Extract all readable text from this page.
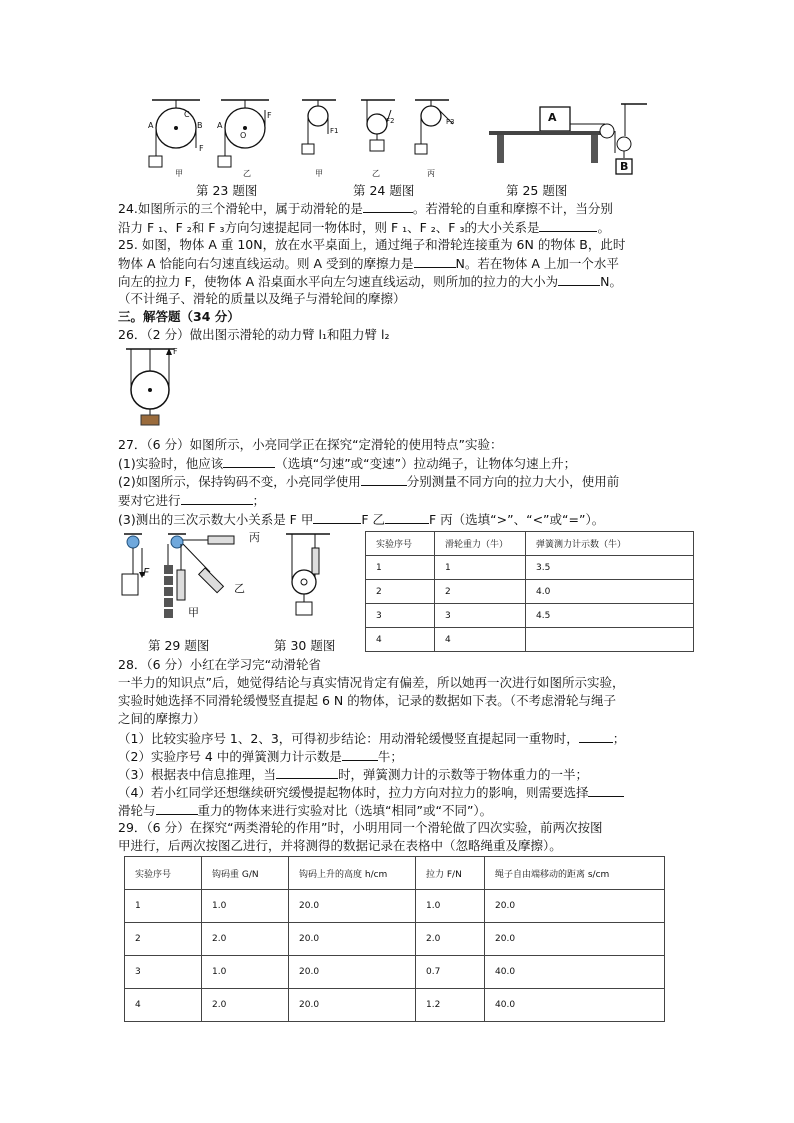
A	B
C
F
甲
A
O
F
乙
F1
甲
F2
乙
F3
丙
A
B
第 23 题图	第 24 题图	第 25 题图
24.如图所示的三个滑轮中，属于动滑轮的是	。若滑轮的自重和摩擦不计，当分别
沿力 F ₁、F ₂和 F ₃方向匀速提起同一物体时，则 F ₁、F ₂、F ₃的大小关系是	。
25. 如图，物体 A 重 10N，放在水平桌面上，通过绳子和滑轮连接重为 6N 的物体 B，此时
物体 A 恰能向右匀速直线运动。则 A 受到的摩擦力是	N。若在物体 A 上加一个水平
向左的拉力 F，使物体 A 沿桌面水平向左匀速直线运动，则所加的拉力的大小为	N。
（不计绳子、滑轮的质量以及绳子与滑轮间的摩擦）
三。解答题（34 分）
26．（2 分）做出图示滑轮的动力臂 l₁和阻力臂 l₂
F
27．（6 分）如图所示，小亮同学正在探究“定滑轮的使用特点”实验：
(1)实验时，他应该	（选填“匀速”或“变速”）拉动绳子，让物体匀速上升；
(2)如图所示，保持钩码不变，小亮同学使用	分别测量不同方向的拉力大小，使用前
要对它进行	；
(3)测出的三次示数大小关系是 F 甲	F 乙	F 丙（选填“>”、“<”或“=”）。
F
甲
乙
丙
第 29 题图	第 30 题图
实验序号	滑轮重力（牛）	弹簧测力计示数（牛）
1	1	3.5
2	2	4.0
3	3	4.5
4	4	
28．（6 分）小红在学习完“动滑轮省
一半力的知识点”后，她觉得结论与真实情况肯定有偏差，所以她再一次进行如图所示实验，
实验时她选择不同滑轮缓慢竖直提起 6 N 的物体，记录的数据如下表。（不考虑滑轮与绳子
之间的摩擦力）
（1）比较实验序号 1、2、3，可得初步结论：用动滑轮缓慢竖直提起同一重物时，	；
（2）实验序号 4 中的弹簧测力计示数是	牛；
（3）根据表中信息推理，当	时，弹簧测力计的示数等于物体重力的一半；
（4）若小红同学还想继续研究缓慢提起物体时，拉力方向对拉力的影响，则需要选择
滑轮与	重力的物体来进行实验对比（选填“相同”或“不同”）。
29．（6 分）在探究“两类滑轮的作用”时，小明用同一个滑轮做了四次实验，前两次按图
甲进行，后两次按图乙进行，并将测得的数据记录在表格中（忽略绳重及摩擦）。
实验序号	钩码重 G/N	钩码上升的高度 h/cm	拉力 F/N	绳子自由端移动的距离 s/cm
1	1.0	20.0	1.0	20.0
2	2.0	20.0	2.0	20.0
3	1.0	20.0	0.7	40.0
4	2.0	20.0	1.2	40.0
